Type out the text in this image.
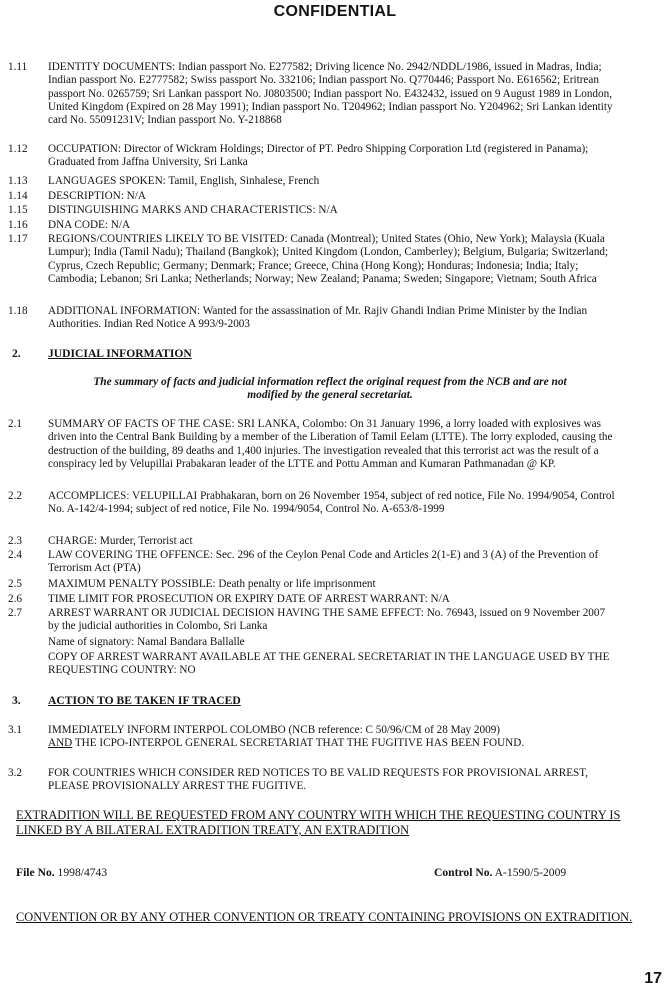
CONFIDENTIAL
1.11	IDENTITY DOCUMENTS: Indian passport No. E277582; Driving licence No. 2942/NDDL/1986, issued in Madras, India; Indian passport No. E2777582; Swiss passport No. 332106; Indian passport No. Q770446; Passport No. E616562; Eritrean passport No. 0265759; Sri Lankan passport No. J0803500; Indian passport No. E432432, issued on 9 August 1989 in London, United Kingdom (Expired on 28 May 1991); Indian passport No. T204962; Indian passport No. Y204962; Sri Lankan identity card No. 55091231V; Indian passport No. Y-218868
1.12	OCCUPATION: Director of Wickram Holdings; Director of PT. Pedro Shipping Corporation Ltd (registered in Panama); Graduated from Jaffna University, Sri Lanka
1.13	LANGUAGES SPOKEN: Tamil, English, Sinhalese, French
1.14	DESCRIPTION: N/A
1.15	DISTINGUISHING MARKS AND CHARACTERISTICS: N/A
1.16	DNA CODE: N/A
1.17	REGIONS/COUNTRIES LIKELY TO BE VISITED: Canada (Montreal); United States (Ohio, New York); Malaysia (Kuala Lumpur); India (Tamil Nadu); Thailand (Bangkok); United Kingdom (London, Camberley); Belgium, Bulgaria; Switzerland; Cyprus, Czech Republic; Germany; Denmark; France; Greece, China (Hong Kong); Honduras; Indonesia; India; Italy; Cambodia; Lebanon; Sri Lanka; Netherlands; Norway; New Zealand; Panama; Sweden; Singapore; Vietnam; South Africa
1.18	ADDITIONAL INFORMATION: Wanted for the assassination of Mr. Rajiv Ghandi Indian Prime Minister by the Indian Authorities. Indian Red Notice A 993/9-2003
2. JUDICIAL INFORMATION
The summary of facts and judicial information reflect the original request from the NCB and are not modified by the general secretariat.
2.1	SUMMARY OF FACTS OF THE CASE: SRI LANKA, Colombo: On 31 January 1996, a lorry loaded with explosives was driven into the Central Bank Building by a member of the Liberation of Tamil Eelam (LTTE). The lorry exploded, causing the destruction of the building, 89 deaths and 1,400 injuries. The investigation revealed that this terrorist act was the result of a conspiracy led by Velupillai Prabakaran leader of the LTTE and Pottu Amman and Kumaran Pathmanadan @ KP.
2.2	ACCOMPLICES: VELUPILLAI Prabhakaran, born on 26 November 1954, subject of red notice, File No. 1994/9054, Control No. A-142/4-1994; subject of red notice, File No. 1994/9054, Control No. A-653/8-1999
2.3	CHARGE: Murder, Terrorist act
2.4	LAW COVERING THE OFFENCE: Sec. 296 of the Ceylon Penal Code and Articles 2(1-E) and 3 (A) of the Prevention of Terrorism Act (PTA)
2.5	MAXIMUM PENALTY POSSIBLE: Death penalty or life imprisonment
2.6	TIME LIMIT FOR PROSECUTION OR EXPIRY DATE OF ARREST WARRANT: N/A
2.7	ARREST WARRANT OR JUDICIAL DECISION HAVING THE SAME EFFECT: No. 76943, issued on 9 November 2007 by the judicial authorities in Colombo, Sri Lanka
Name of signatory: Namal Bandara Ballalle
COPY OF ARREST WARRANT AVAILABLE AT THE GENERAL SECRETARIAT IN THE LANGUAGE USED BY THE REQUESTING COUNTRY: NO
3. ACTION TO BE TAKEN IF TRACED
3.1	IMMEDIATELY INFORM INTERPOL COLOMBO (NCB reference: C 50/96/CM of 28 May 2009)
AND THE ICPO-INTERPOL GENERAL SECRETARIAT THAT THE FUGITIVE HAS BEEN FOUND.
3.2	FOR COUNTRIES WHICH CONSIDER RED NOTICES TO BE VALID REQUESTS FOR PROVISIONAL ARREST, PLEASE PROVISIONALLY ARREST THE FUGITIVE.
EXTRADITION WILL BE REQUESTED FROM ANY COUNTRY WITH WHICH THE REQUESTING COUNTRY IS LINKED BY A BILATERAL EXTRADITION TREATY, AN EXTRADITION
File No. 1998/4743	Control No. A-1590/5-2009
CONVENTION OR BY ANY OTHER CONVENTION OR TREATY CONTAINING PROVISIONS ON EXTRADITION.
17
